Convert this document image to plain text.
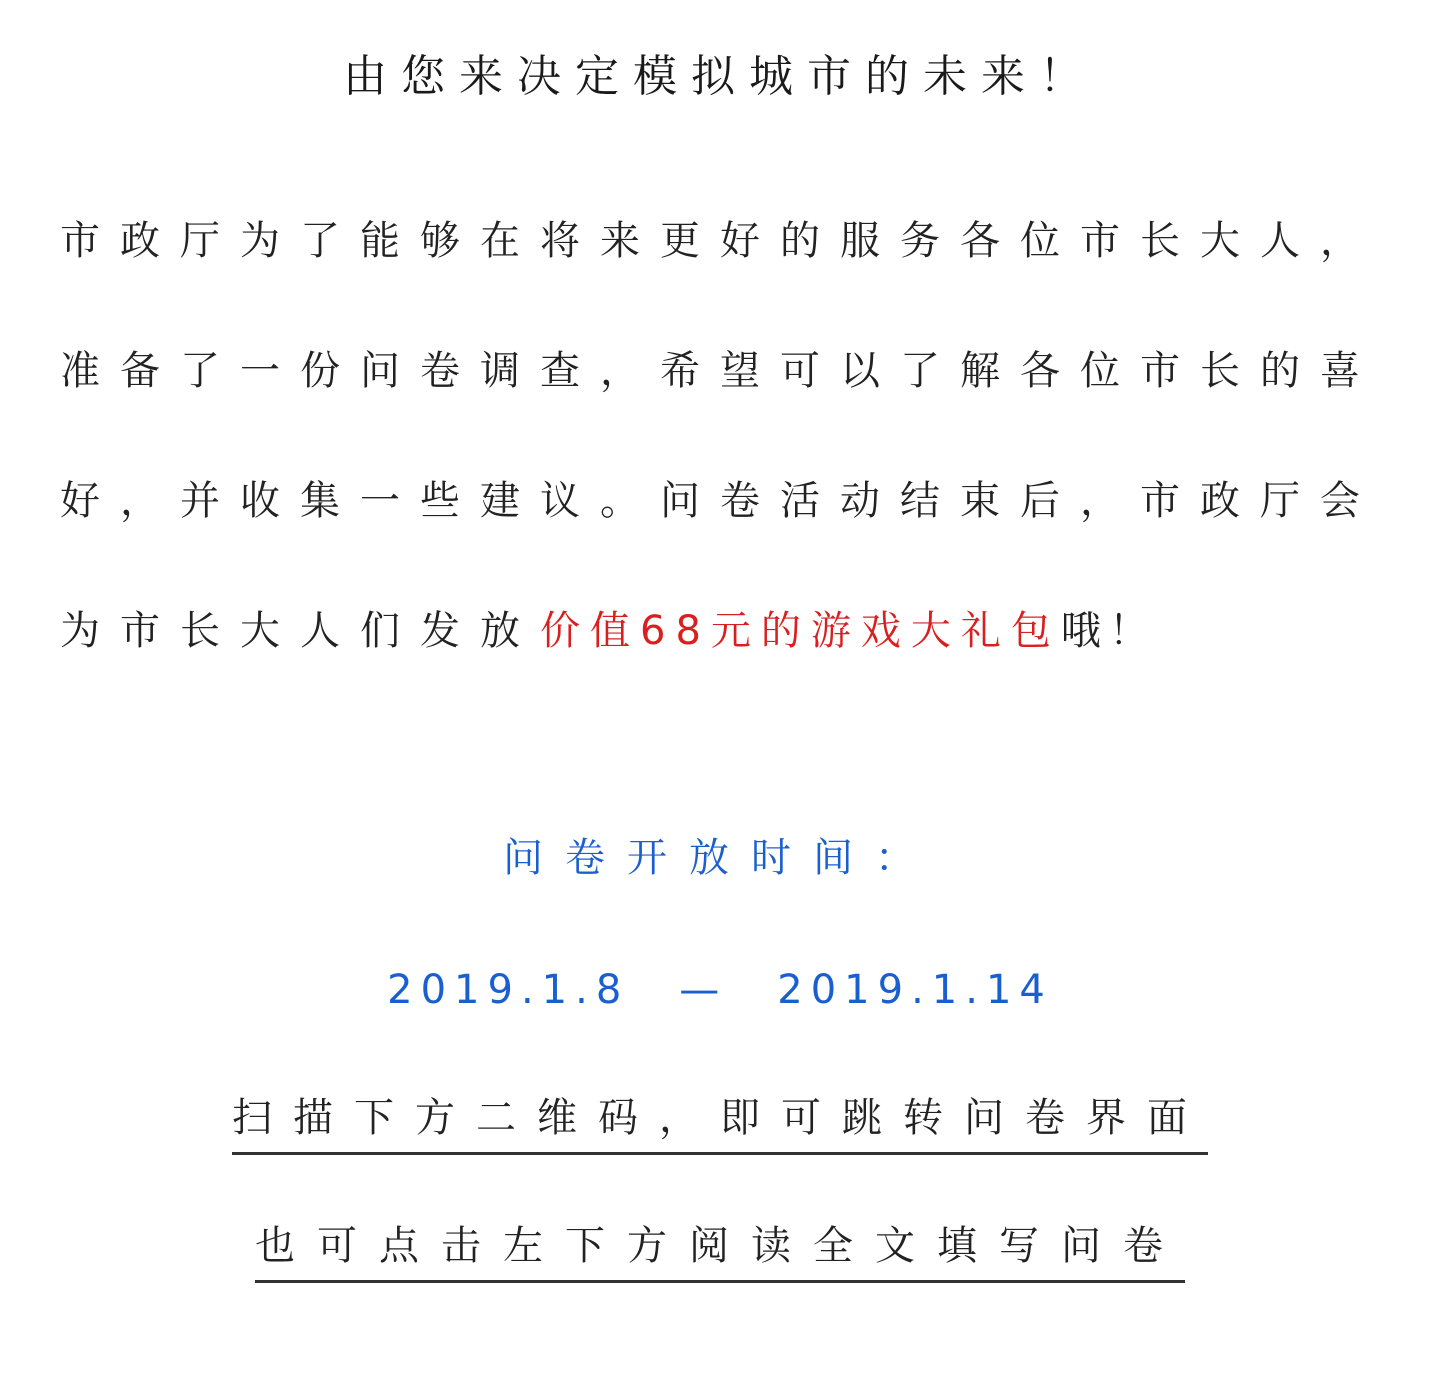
由您来决定模拟城市的未来！
市政厅为了能够在将来更好的服务各位市长大人，准备了一份问卷调查，希望可以了解各位市长的喜好，并收集一些建议。问卷活动结束后，市政厅会为市长大人们发放价值68元的游戏大礼包哦！
问卷开放时间：
2019.1.8 — 2019.1.14
扫描下方二维码，即可跳转问卷界面
也可点击左下方阅读全文填写问卷
